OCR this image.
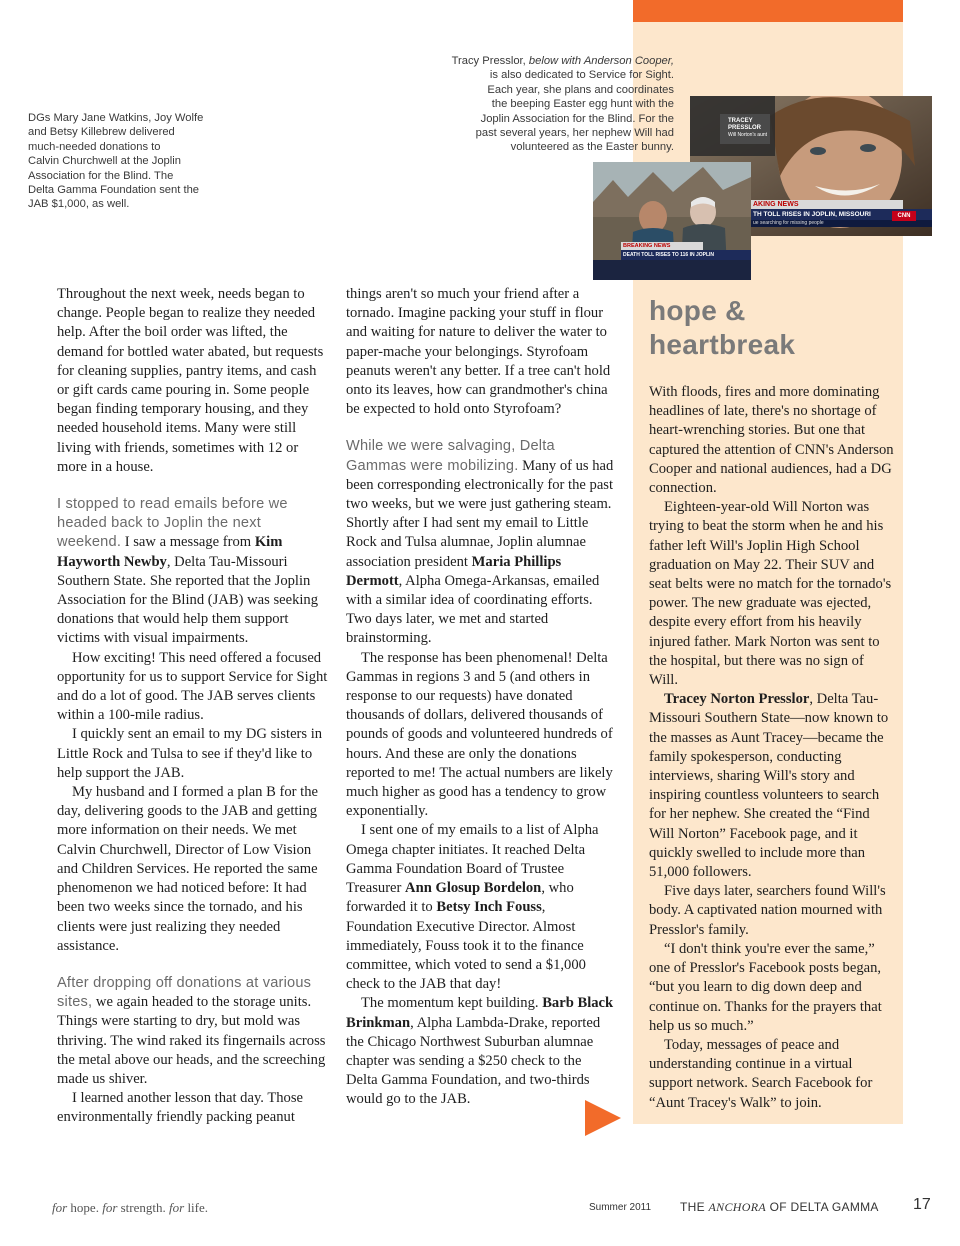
DGs Mary Jane Watkins, Joy Wolfe

and Betsy Killebrew delivered

much-needed donations to

Calvin Churchwell at the Joplin

Association for the Blind. The

Delta Gamma Foundation sent the

JAB $1,000, as well.

Tracy Presslor, below with Anderson Cooper,

is also dedicated to Service for Sight.

Each year, she plans and coordinates

the beeping Easter egg hunt with the

Joplin Association for the Blind. For the

past several years, her nephew Will had

volunteered as the Easter bunny.

TRACEY
PRESSLOR
Will Norton's aunt
AKING NEWS
TH TOLL RISES IN JOPLIN, MISSOURI
ue searching for missing people
CNN
BREAKING NEWS
DEATH TOLL RISES TO 116 IN JOPLIN

Throughout the next week, needs began to change. People began to realize they needed help. After the boil order was lifted, the demand for bottled water abated, but requests for cleaning supplies, pantry items, and cash or gift cards came pouring in. Some people began finding temporary housing, and they needed household items. Many were still living with friends, sometimes with 12 or more in a house.

I stopped to read emails before we headed back to Joplin the next weekend. I saw a message from Kim Hayworth Newby, Delta Tau-Missouri Southern State. She reported that the Joplin Association for the Blind (JAB) was seeking donations that would help them support victims with visual impairments.

How exciting! This need offered a focused opportunity for us to support Service for Sight and do a lot of good. The JAB serves clients within a 100-mile radius.

I quickly sent an email to my DG sisters in Little Rock and Tulsa to see if they'd like to help support the JAB.

My husband and I formed a plan B for the day, delivering goods to the JAB and getting more information on their needs. We met Calvin Churchwell, Director of Low Vision and Children Services. He reported the same phenomenon we had noticed before: It had been two weeks since the tornado, and his clients were just realizing they needed assistance.

After dropping off donations at various sites, we again headed to the storage units. Things were starting to dry, but mold was thriving. The wind raked its fingernails across the metal above our heads, and the screeching made us shiver.

I learned another lesson that day. Those environmentally friendly packing peanut

things aren't so much your friend after a tornado. Imagine packing your stuff in flour and waiting for nature to deliver the water to paper-mache your belongings. Styrofoam peanuts weren't any better. If a tree can't hold onto its leaves, how can grandmother's china be expected to hold onto Styrofoam?

While we were salvaging, Delta Gammas were mobilizing. Many of us had been corresponding electronically for the past two weeks, but we were just gathering steam. Shortly after I had sent my email to Little Rock and Tulsa alumnae, Joplin alumnae association president Maria Phillips Dermott, Alpha Omega-Arkansas, emailed with a similar idea of coordinating efforts. Two days later, we met and started brainstorming.

The response has been phenomenal! Delta Gammas in regions 3 and 5 (and others in response to our requests) have donated thousands of dollars, delivered thousands of pounds of goods and volunteered hundreds of hours. And these are only the donations reported to me! The actual numbers are likely much higher as good has a tendency to grow exponentially.

I sent one of my emails to a list of Alpha Omega chapter initiates. It reached Delta Gamma Foundation Board of Trustee Treasurer Ann Glosup Bordelon, who forwarded it to Betsy Inch Fouss, Foundation Executive Director. Almost immediately, Fouss took it to the finance committee, which voted to send a $1,000 check to the JAB that day!

The momentum kept building. Barb Black Brinkman, Alpha Lambda-Drake, reported the Chicago Northwest Suburban alumnae chapter was sending a $250 check to the Delta Gamma Foundation, and two-thirds would go to the JAB.

hope &
heartbreak

With floods, fires and more dominating headlines of late, there's no shortage of heart-wrenching stories. But one that captured the attention of CNN's Anderson Cooper and national audiences, had a DG connection.

Eighteen-year-old Will Norton was trying to beat the storm when he and his father left Will's Joplin High School graduation on May 22. Their SUV and seat belts were no match for the tornado's power. The new graduate was ejected, despite every effort from his heavily injured father. Mark Norton was sent to the hospital, but there was no sign of Will.

Tracey Norton Presslor, Delta Tau-Missouri Southern State—now known to the masses as Aunt Tracey—became the family spokesperson, conducting interviews, sharing Will's story and inspiring countless volunteers to search for her nephew. She created the “Find Will Norton” Facebook page, and it quickly swelled to include more than 51,000 followers.

Five days later, searchers found Will's body. A captivated nation mourned with Presslor's family.

“I don't think you're ever the same,” one of Presslor's Facebook posts began, “but you learn to dig down deep and continue on. Thanks for the prayers that help us so much.”

Today, messages of peace and understanding continue in a virtual support network. Search Facebook for “Aunt Tracey's Walk” to join.

for hope. for strength. for life.	Summer 2011 THE ANCHORA OF DELTA GAMMA 17
